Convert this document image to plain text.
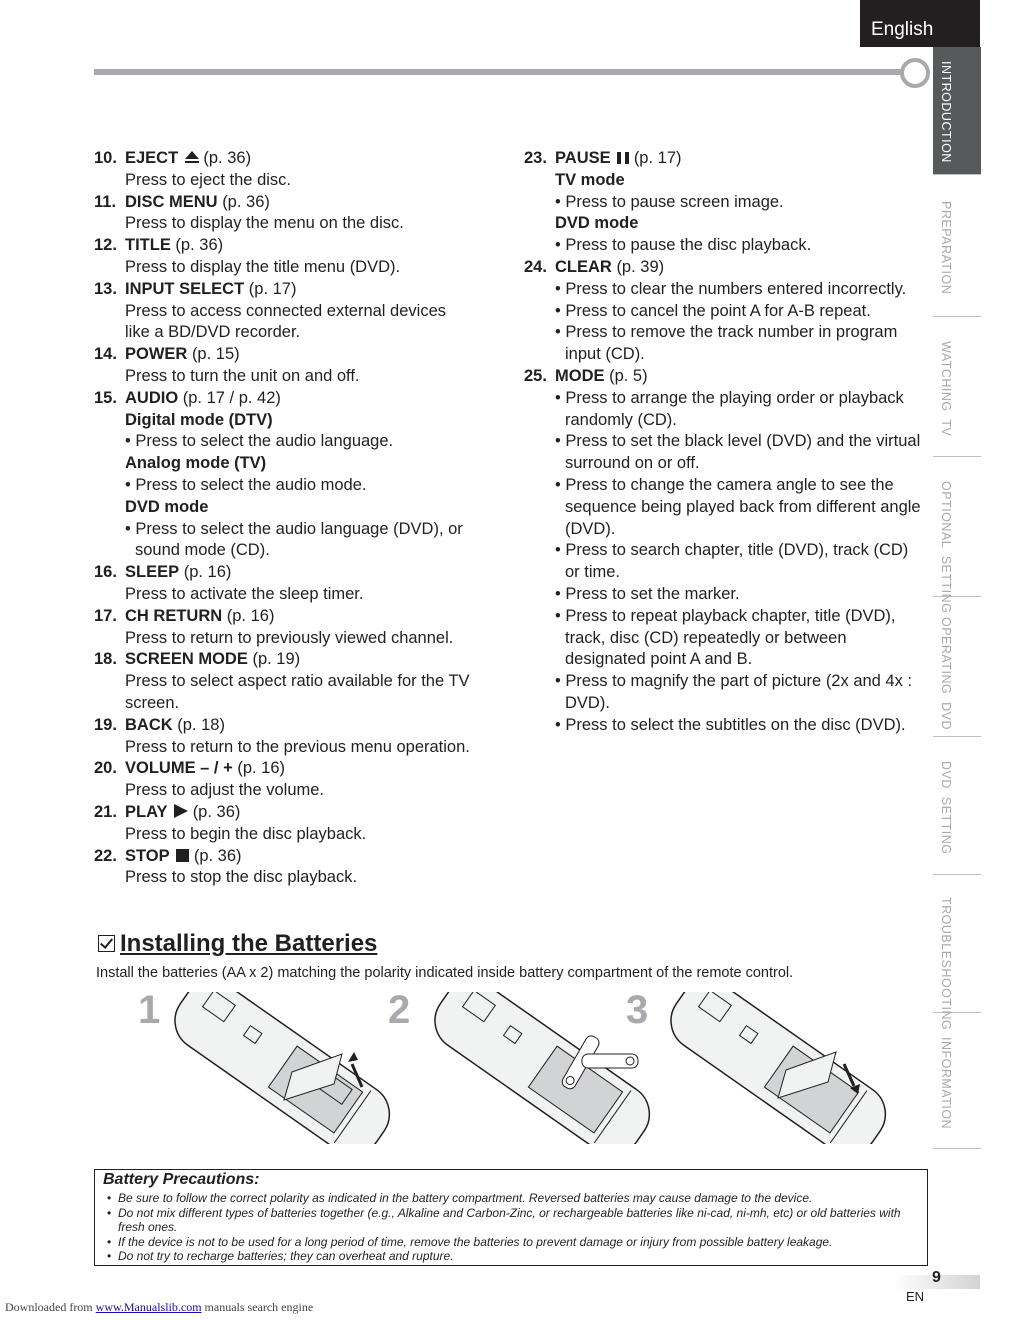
English
INTRODUCTION
PREPARATION
WATCHING  TV
OPTIONAL  SETTING
OPERATING  DVD
DVD  SETTING
TROUBLESHOOTING
INFORMATION
10. EJECT (p. 36)
Press to eject the disc.
11. DISC MENU (p. 36)
Press to display the menu on the disc.
12. TITLE (p. 36)
Press to display the title menu (DVD).
13. INPUT SELECT (p. 17)
Press to access connected external devices
like a BD/DVD recorder.
14. POWER (p. 15)
Press to turn the unit on and off.
15. AUDIO (p. 17 / p. 42)
Digital mode (DTV)
• Press to select the audio language.
Analog mode (TV)
• Press to select the audio mode.
DVD mode
• Press to select the audio language (DVD), or sound mode (CD).
16. SLEEP (p. 16)
Press to activate the sleep timer.
17. CH RETURN (p. 16)
Press to return to previously viewed channel.
18. SCREEN MODE (p. 19)
Press to select aspect ratio available for the TV
screen.
19. BACK (p. 18)
Press to return to the previous menu operation.
20. VOLUME – / + (p. 16)
Press to adjust the volume.
21. PLAY (p. 36)
Press to begin the disc playback.
22. STOP (p. 36)
Press to stop the disc playback.
23. PAUSE (p. 17)
TV mode
• Press to pause screen image.
DVD mode
• Press to pause the disc playback.
24. CLEAR (p. 39)
• Press to clear the numbers entered incorrectly.
• Press to cancel the point A for A-B repeat.
• Press to remove the track number in program input (CD).
25. MODE (p. 5)
• Press to arrange the playing order or playback randomly (CD).
• Press to set the black level (DVD) and the virtual surround on or off.
• Press to change the camera angle to see the sequence being played back from different angle (DVD).
• Press to search chapter, title (DVD), track (CD) or time.
• Press to set the marker.
• Press to repeat playback chapter, title (DVD), track, disc (CD) repeatedly or between designated point A and B.
• Press to magnify the part of picture (2x and 4x : DVD).
• Press to select the subtitles on the disc (DVD).
Installing the Batteries
Install the batteries (AA x 2) matching the polarity indicated inside battery compartment of the remote control.
1	2	3
Battery Precautions:
• Be sure to follow the correct polarity as indicated in the battery compartment. Reversed batteries may cause damage to the device.
• Do not mix different types of batteries together (e.g., Alkaline and Carbon-Zinc, or rechargeable batteries like ni-cad, ni-mh, etc) or old batteries with fresh ones.
• If the device is not to be used for a long period of time, remove the batteries to prevent damage or injury from possible battery leakage.
• Do not try to recharge batteries; they can overheat and rupture.
9
EN
Downloaded from www.Manualslib.com manuals search engine
